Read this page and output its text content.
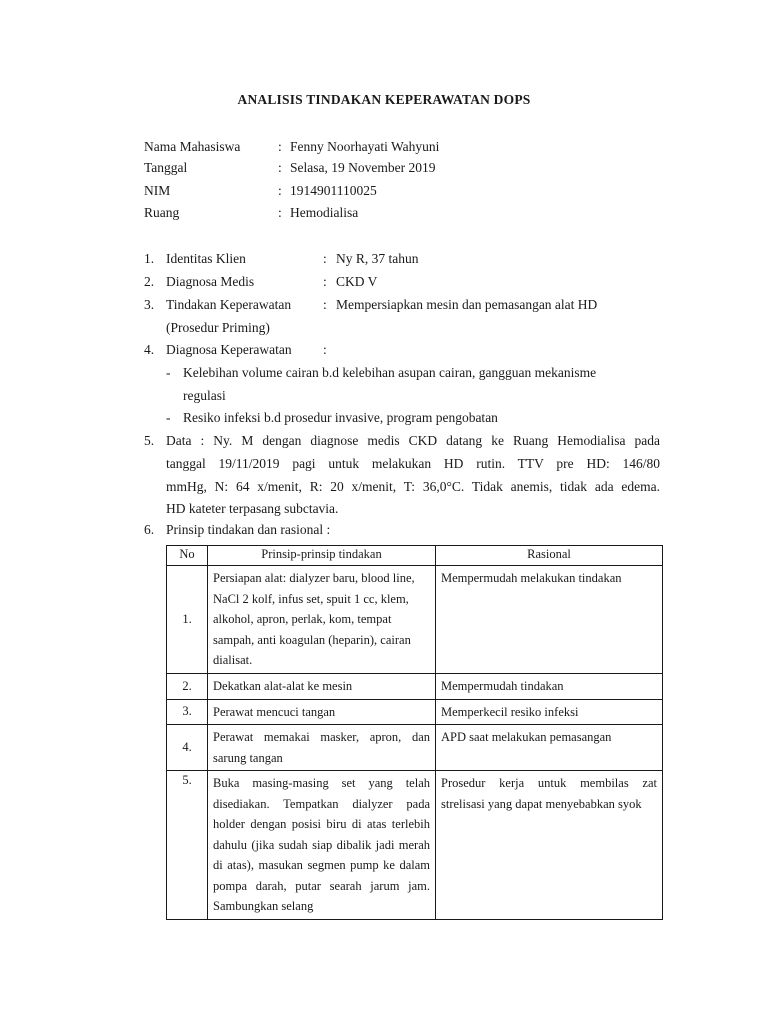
ANALISIS TINDAKAN KEPERAWATAN DOPS
Nama Mahasiswa	: Fenny Noorhayati Wahyuni
Tanggal	: Selasa, 19 November 2019
NIM	: 1914901110025
Ruang	: Hemodialisa
1. Identitas Klien	: Ny R, 37 tahun
2. Diagnosa Medis	: CKD V
3. Tindakan Keperawatan : Mempersiapkan mesin dan pemasangan alat HD
(Prosedur Priming)
4. Diagnosa Keperawatan :
- Kelebihan volume cairan b.d kelebihan asupan cairan, gangguan mekanisme
regulasi
- Resiko infeksi b.d prosedur invasive, program pengobatan
5. Data : Ny. M dengan diagnose medis CKD datang ke Ruang Hemodialisa pada
tanggal 19/11/2019 pagi untuk melakukan HD rutin. TTV pre HD: 146/80
mmHg, N: 64 x/menit, R: 20 x/menit, T: 36,0°C. Tidak anemis, tidak ada edema.
HD kateter terpasang subctavia.
6. Prinsip tindakan dan rasional :
No	Prinsip-prinsip tindakan	Rasional
1.	Persiapan alat: dialyzer baru, blood line, NaCl 2 kolf, infus set, spuit 1 cc, klem, alkohol, apron, perlak, kom, tempat sampah, anti koagulan (heparin), cairan dialisat.	Mempermudah melakukan tindakan
2.	Dekatkan alat-alat ke mesin	Mempermudah tindakan
3.	Perawat mencuci tangan	Memperkecil resiko infeksi
4.	Perawat memakai masker, apron, dan sarung tangan	APD saat melakukan pemasangan
5.	Buka masing-masing set yang telah disediakan. Tempatkan dialyzer pada holder dengan posisi biru di atas terlebih dahulu (jika sudah siap dibalik jadi merah di atas), masukan segmen pump ke dalam pompa darah, putar searah jarum jam. Sambungkan selang	Prosedur kerja untuk membilas zat strelisasi yang dapat menyebabkan syok
